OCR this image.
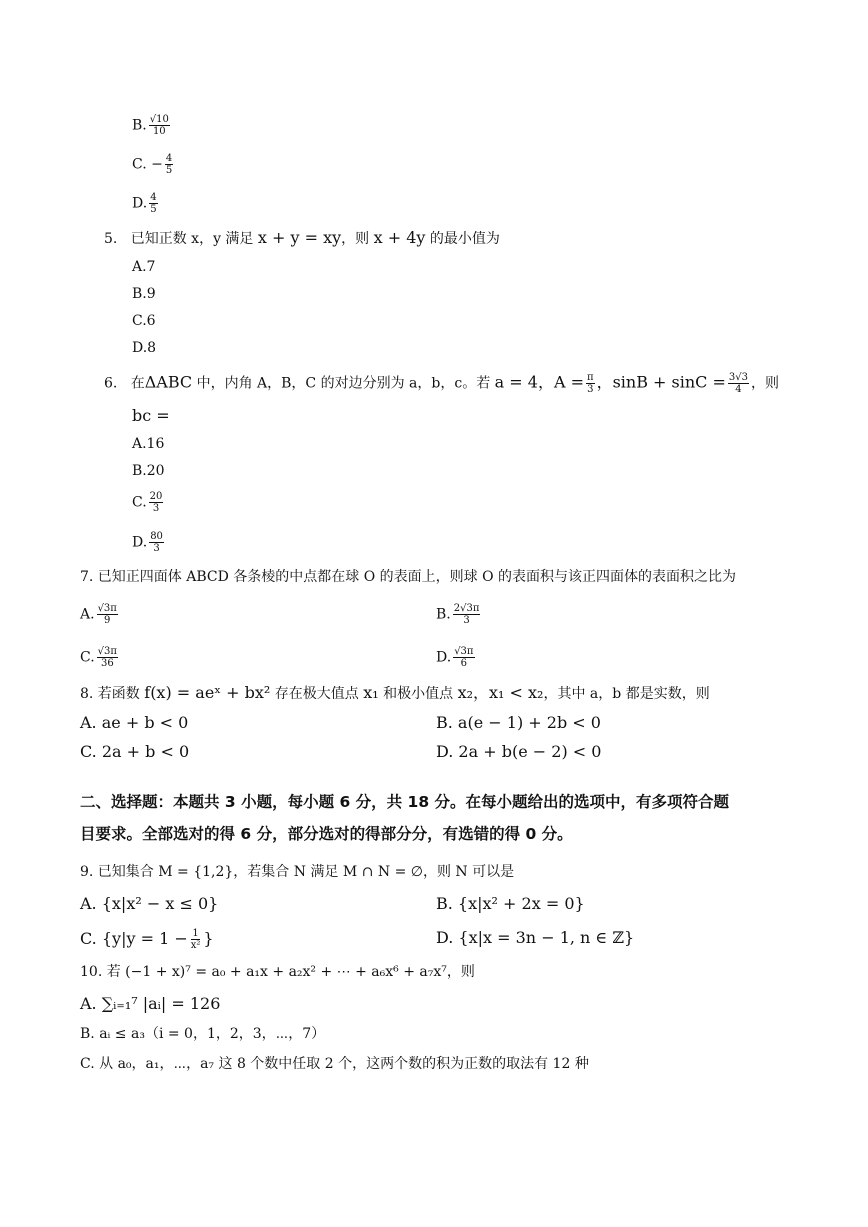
B. $\frac{√10}{10}$
C. − $\frac{4}{5}$
D. $\frac{4}{5}$
5. 已知正数 x，y 满足 x + y = xy，则 x + 4y 的最小值为
A.7
B.9
C.6
D.8
6. 在ΔABC 中，内角 A，B，C 的对边分别为 a，b，c。若 a = 4，$A = \frac{\pi}{3}$ ，$\sin B + \sin C = \frac{3√3}{4}$ ，则
bc =
A.16
B.20
C. $\frac{20}{3}$
D. $\frac{80}{3}$
7. 已知正四面体 ABCD 各条棱的中点都在球 O 的表面上，则球 O 的表面积与该正四面体的表面积之比为
A. $\frac{√3\pi}{9}$	B. $\frac{2√3\pi}{3}$
C. $\frac{√3\pi}{36}$	D. $\frac{√3\pi}{6}$
8. 若函数 f(x) = aeˣ + bx² 存在极大值点 x₁ 和极小值点 x₂，x₁ < x₂，其中 a，b 都是实数，则
A. ae + b < 0	B. a(e − 1) + 2b < 0
C. 2a + b < 0	D. 2a + b(e − 2) < 0
二、选择题：本题共 3 小题，每小题 6 分，共 18 分。在每小题给出的选项中，有多项符合题
目要求。全部选对的得 6 分，部分选对的得部分分，有选错的得 0 分。
9. 已知集合 M = {1,2}，若集合 N 满足 M ∩ N = ∅，则 N 可以是
A. {x|x² − x ≤ 0}	B. {x|x² + 2x = 0}
C. {$y|y = 1 - \frac{1}{\text{x²}}$ }	D. {x|x = 3n − 1, n ∈ ℤ}
10. 若 (−1 + x)⁷ = a₀ + a₁x + a₂x² + ⋯ + a₆x⁶ + a₇x⁷，则
A. ∑ᵢ₌₁⁷ |aᵢ| = 126
B. aᵢ ≤ a₃（i = 0，1，2，3，⋯，7）
C. 从 a₀，a₁，⋯，a₇ 这 8 个数中任取 2 个，这两个数的积为正数的取法有 12 种
